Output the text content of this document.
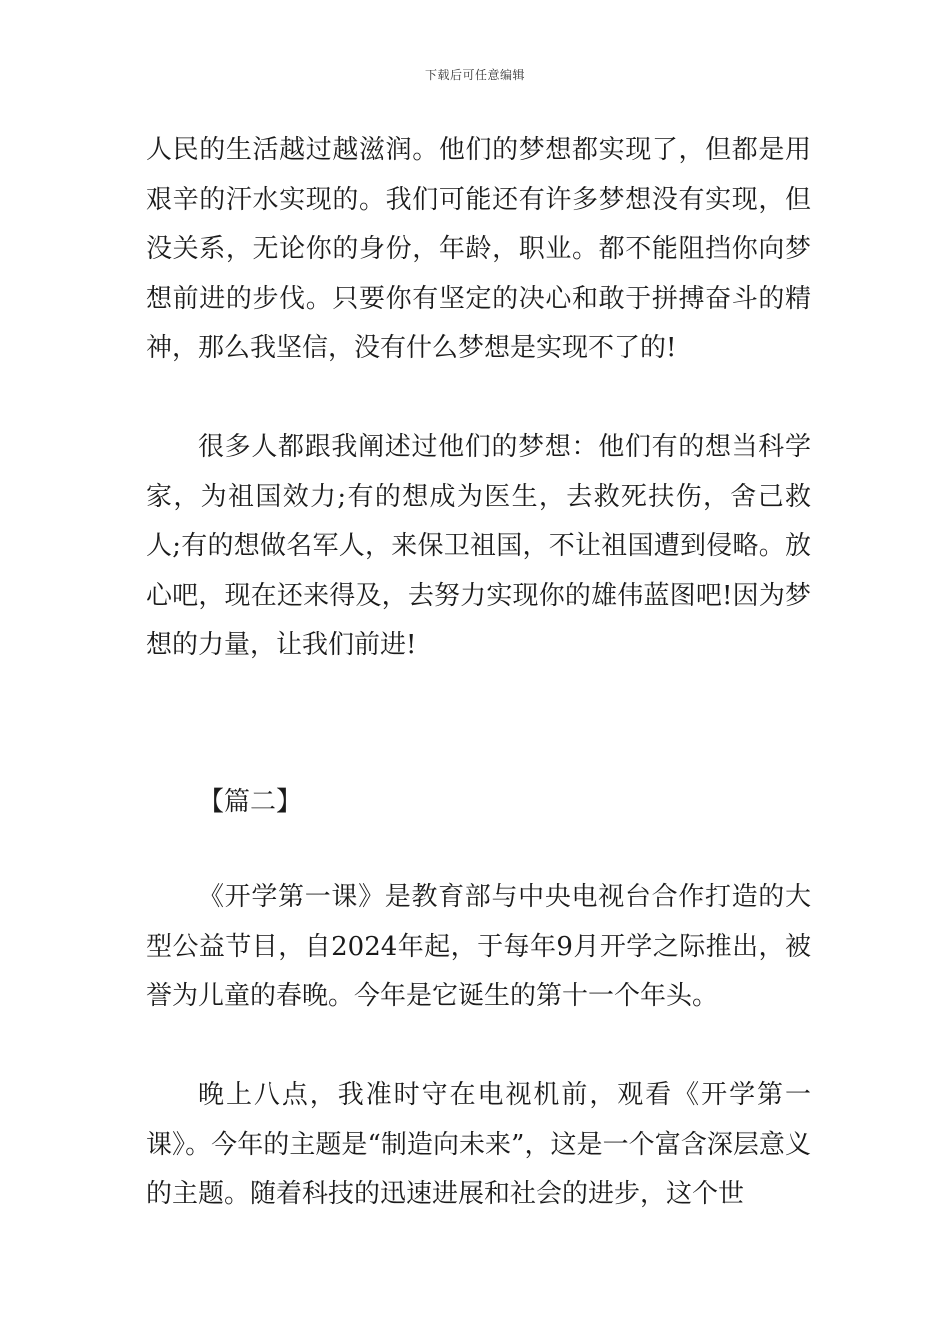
下载后可任意编辑

人民的生活越过越滋润。他们的梦想都实现了，但都是用艰辛的汗水实现的。我们可能还有许多梦想没有实现，但没关系，无论你的身份，年龄，职业。都不能阻挡你向梦想前进的步伐。只要你有坚定的决心和敢于拼搏奋斗的精神，那么我坚信，没有什么梦想是实现不了的!

很多人都跟我阐述过他们的梦想：他们有的想当科学家，为祖国效力;有的想成为医生，去救死扶伤，舍己救人;有的想做名军人，来保卫祖国，不让祖国遭到侵略。放心吧，现在还来得及，去努力实现你的雄伟蓝图吧!因为梦想的力量，让我们前进!

【篇二】

《开学第一课》是教育部与中央电视台合作打造的大型公益节目，自2024年起，于每年9月开学之际推出，被誉为儿童的春晚。今年是它诞生的第十一个年头。

晚上八点，我准时守在电视机前，观看《开学第一课》。今年的主题是“制造向未来”，这是一个富含深层意义的主题。随着科技的迅速进展和社会的进步，这个世
